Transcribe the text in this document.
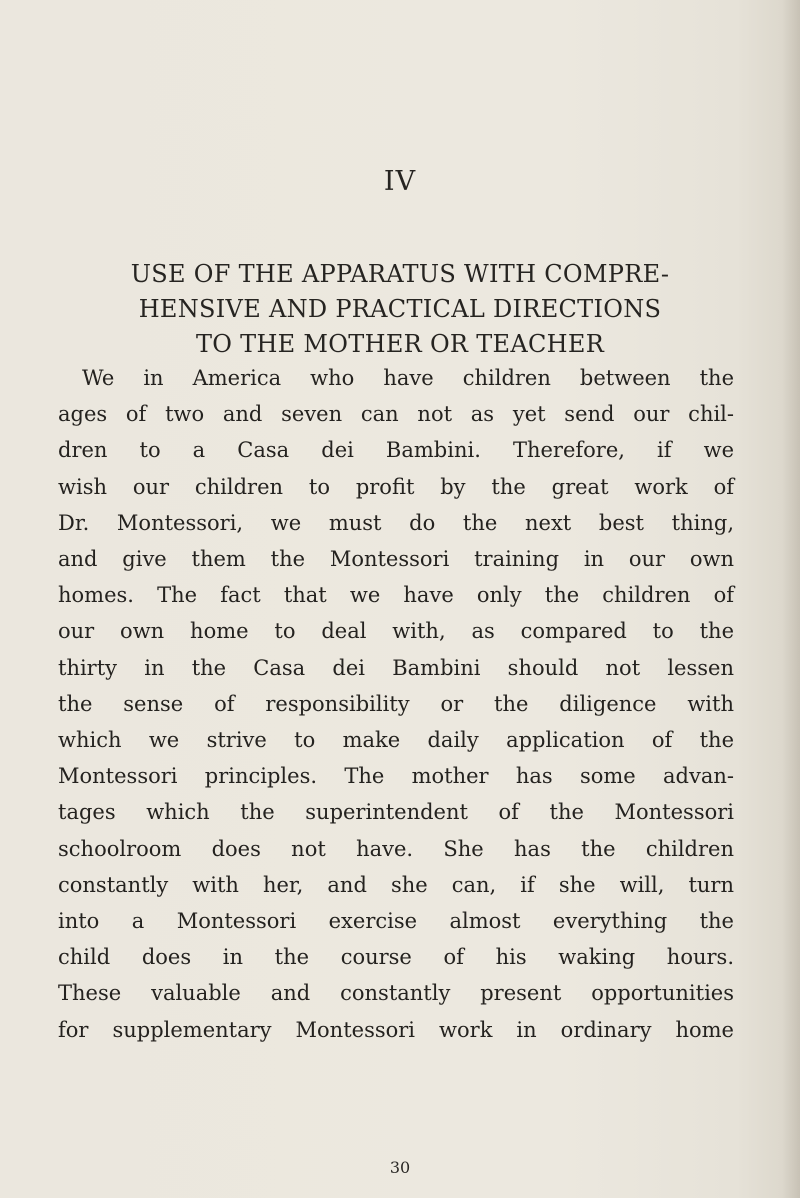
IV
USE OF THE APPARATUS WITH COMPRE-
HENSIVE AND PRACTICAL DIRECTIONS
TO THE MOTHER OR TEACHER
We in America who have children between the
ages of two and seven can not as yet send our chil-
dren to a Casa dei Bambini. Therefore, if we
wish our children to profit by the great work of
Dr. Montessori, we must do the next best thing,
and give them the Montessori training in our own
homes. The fact that we have only the children of
our own home to deal with, as compared to the
thirty in the Casa dei Bambini should not lessen
the sense of responsibility or the diligence with
which we strive to make daily application of the
Montessori principles. The mother has some advan-
tages which the superintendent of the Montessori
schoolroom does not have. She has the children
constantly with her, and she can, if she will, turn
into a Montessori exercise almost everything the
child does in the course of his waking hours.
These valuable and constantly present opportunities
for supplementary Montessori work in ordinary home
30
